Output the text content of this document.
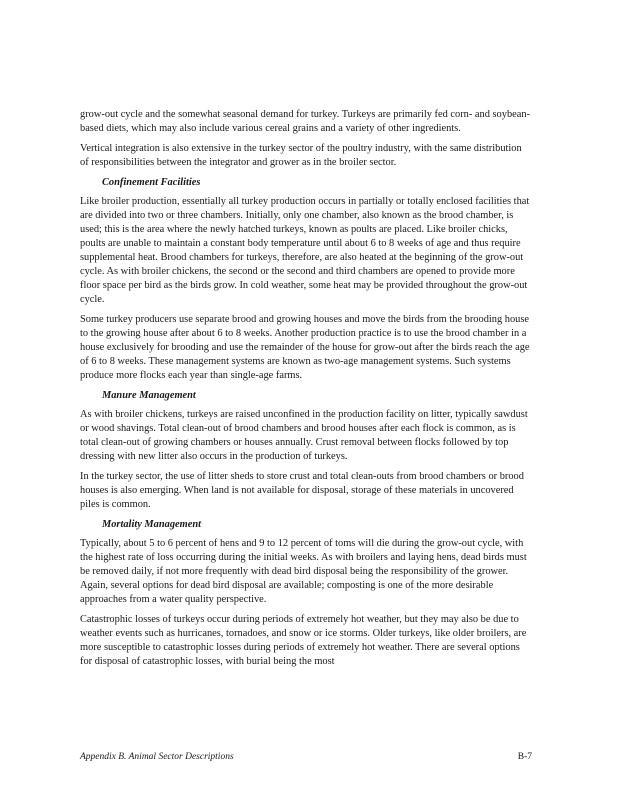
grow-out cycle and the somewhat seasonal demand for turkey. Turkeys are primarily fed corn- and soybean-based diets, which may also include various cereal grains and a variety of other ingredients.

Vertical integration is also extensive in the turkey sector of the poultry industry, with the same distribution of responsibilities between the integrator and grower as in the broiler sector.

Confinement Facilities

Like broiler production, essentially all turkey production occurs in partially or totally enclosed facilities that are divided into two or three chambers. Initially, only one chamber, also known as the brood chamber, is used; this is the area where the newly hatched turkeys, known as poults are placed. Like broiler chicks, poults are unable to maintain a constant body temperature until about 6 to 8 weeks of age and thus require supplemental heat. Brood chambers for turkeys, therefore, are also heated at the beginning of the grow-out cycle. As with broiler chickens, the second or the second and third chambers are opened to provide more floor space per bird as the birds grow. In cold weather, some heat may be provided throughout the grow-out cycle.

Some turkey producers use separate brood and growing houses and move the birds from the brooding house to the growing house after about 6 to 8 weeks. Another production practice is to use the brood chamber in a house exclusively for brooding and use the remainder of the house for grow-out after the birds reach the age of 6 to 8 weeks. These management systems are known as two-age management systems. Such systems produce more flocks each year than single-age farms.

Manure Management

As with broiler chickens, turkeys are raised unconfined in the production facility on litter, typically sawdust or wood shavings. Total clean-out of brood chambers and brood houses after each flock is common, as is total clean-out of growing chambers or houses annually. Crust removal between flocks followed by top dressing with new litter also occurs in the production of turkeys.

In the turkey sector, the use of litter sheds to store crust and total clean-outs from brood chambers or brood houses is also emerging. When land is not available for disposal, storage of these materials in uncovered piles is common.

Mortality Management

Typically, about 5 to 6 percent of hens and 9 to 12 percent of toms will die during the grow-out cycle, with the highest rate of loss occurring during the initial weeks. As with broilers and laying hens, dead birds must be removed daily, if not more frequently with dead bird disposal being the responsibility of the grower. Again, several options for dead bird disposal are available; composting is one of the more desirable approaches from a water quality perspective.

Catastrophic losses of turkeys occur during periods of extremely hot weather, but they may also be due to weather events such as hurricanes, tornadoes, and snow or ice storms. Older turkeys, like older broilers, are more susceptible to catastrophic losses during periods of extremely hot weather. There are several options for disposal of catastrophic losses, with burial being the most

Appendix B. Animal Sector Descriptions	B-7
